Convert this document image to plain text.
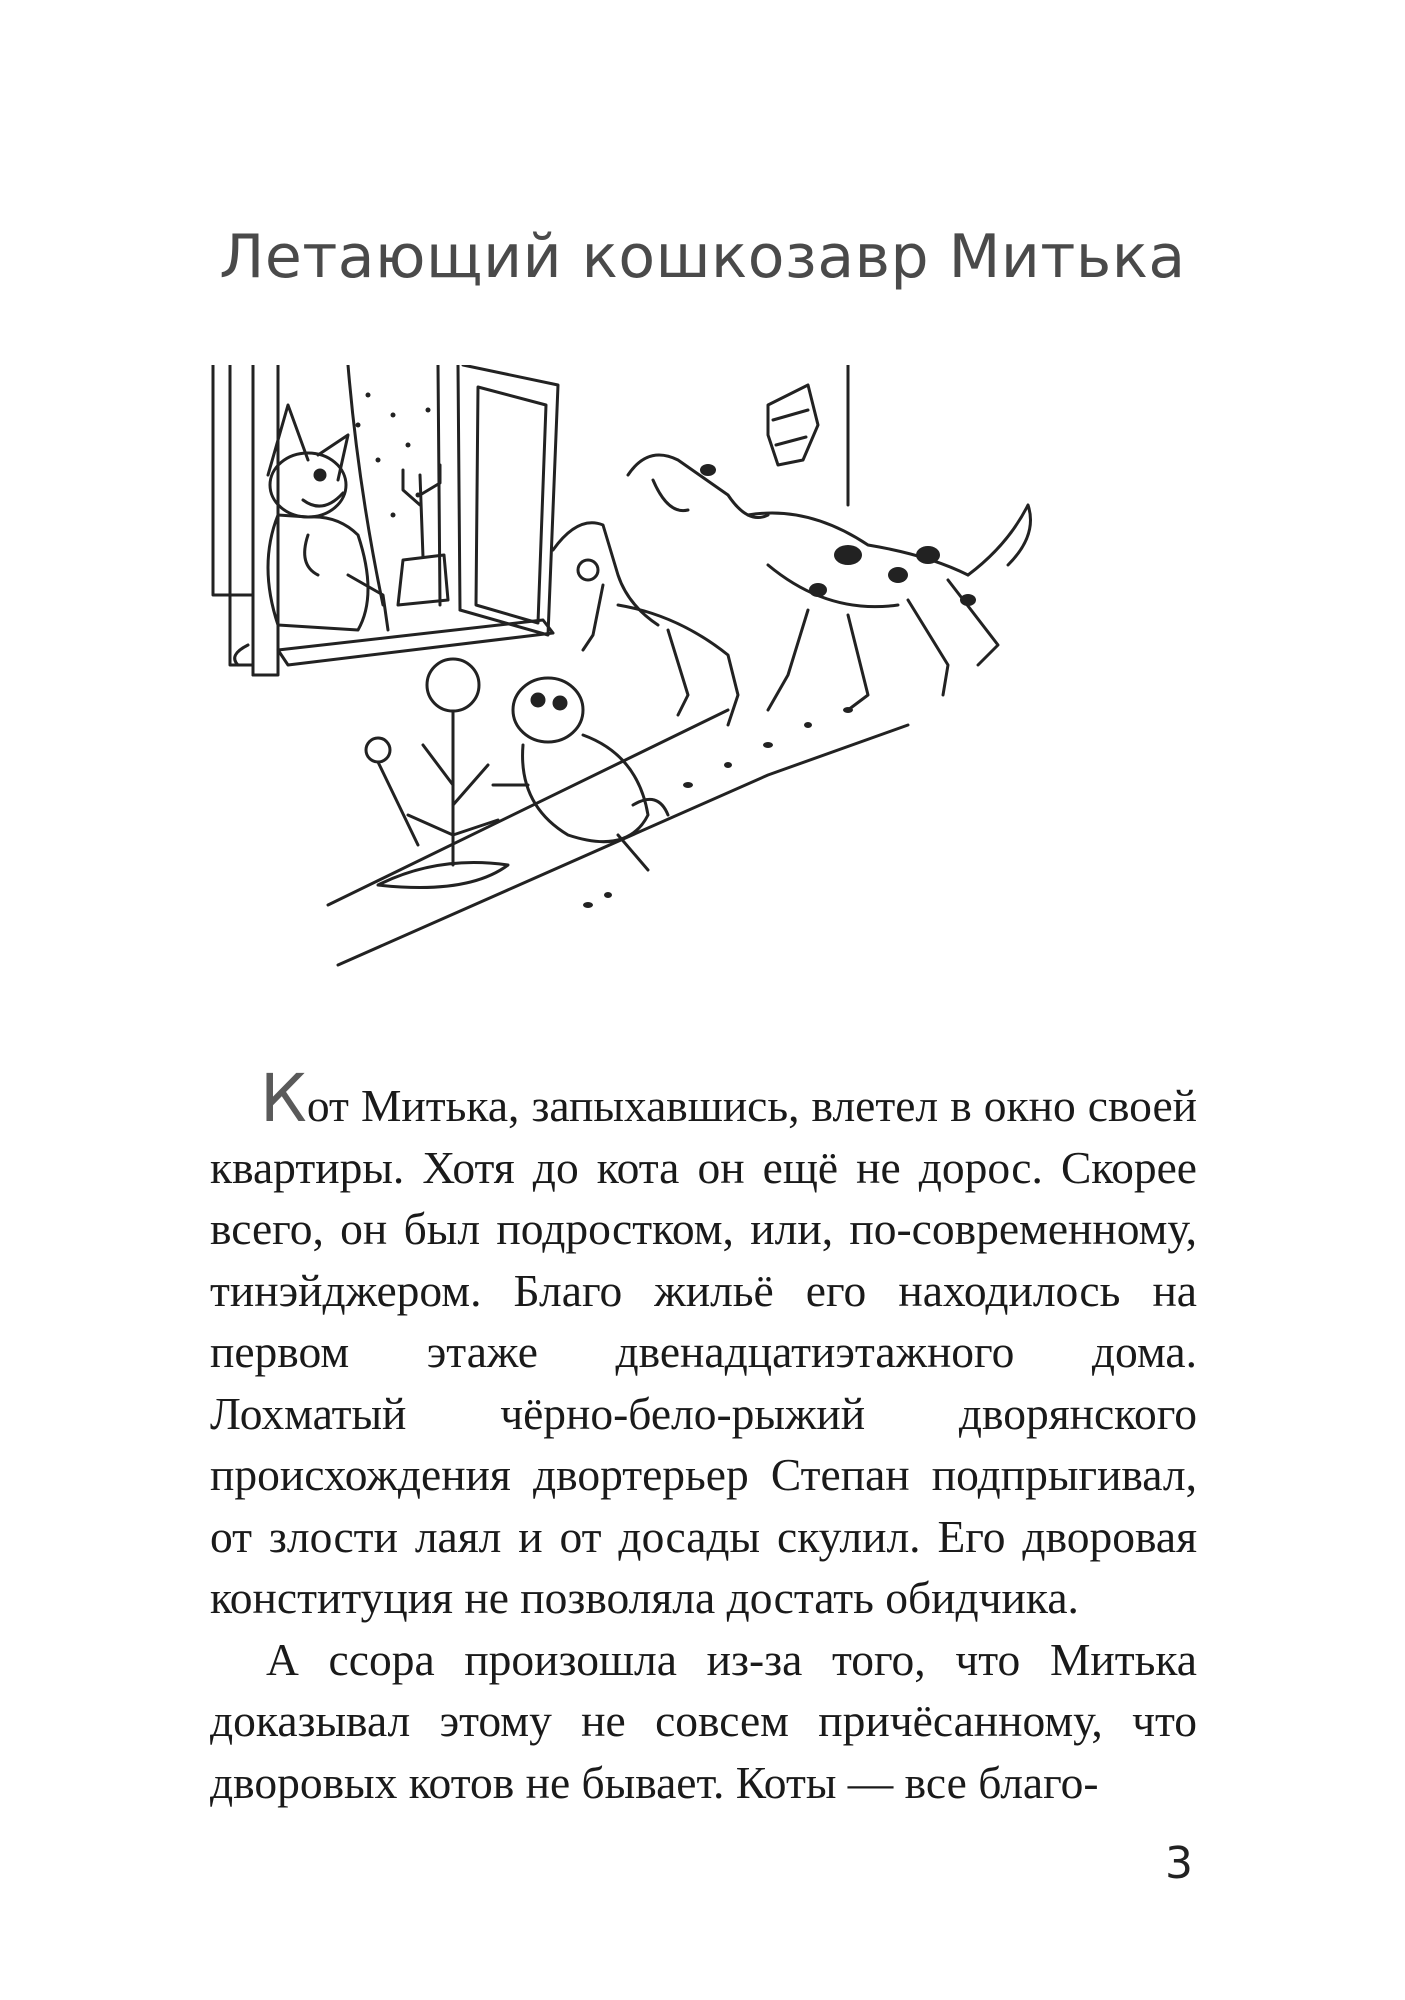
Летающий кошкозавр Митька

Кот Митька, запыхавшись, влетел в окно своей квартиры. Хотя до кота он ещё не дорос. Скорее всего, он был подростком, или, по-современному, тинэйджером. Благо жильё его находилось на первом этаже двенадцатиэтажного дома. Лохматый чёрно-бело-рыжий дворянского происхождения двортерьер Степан подпрыгивал, от злости лаял и от досады скулил. Его дворовая конституция не позволяла достать обидчика.

А ссора произошла из-за того, что Митька доказывал этому не совсем причёсанному, что дворовых котов не бывает. Коты — все благо-

3
